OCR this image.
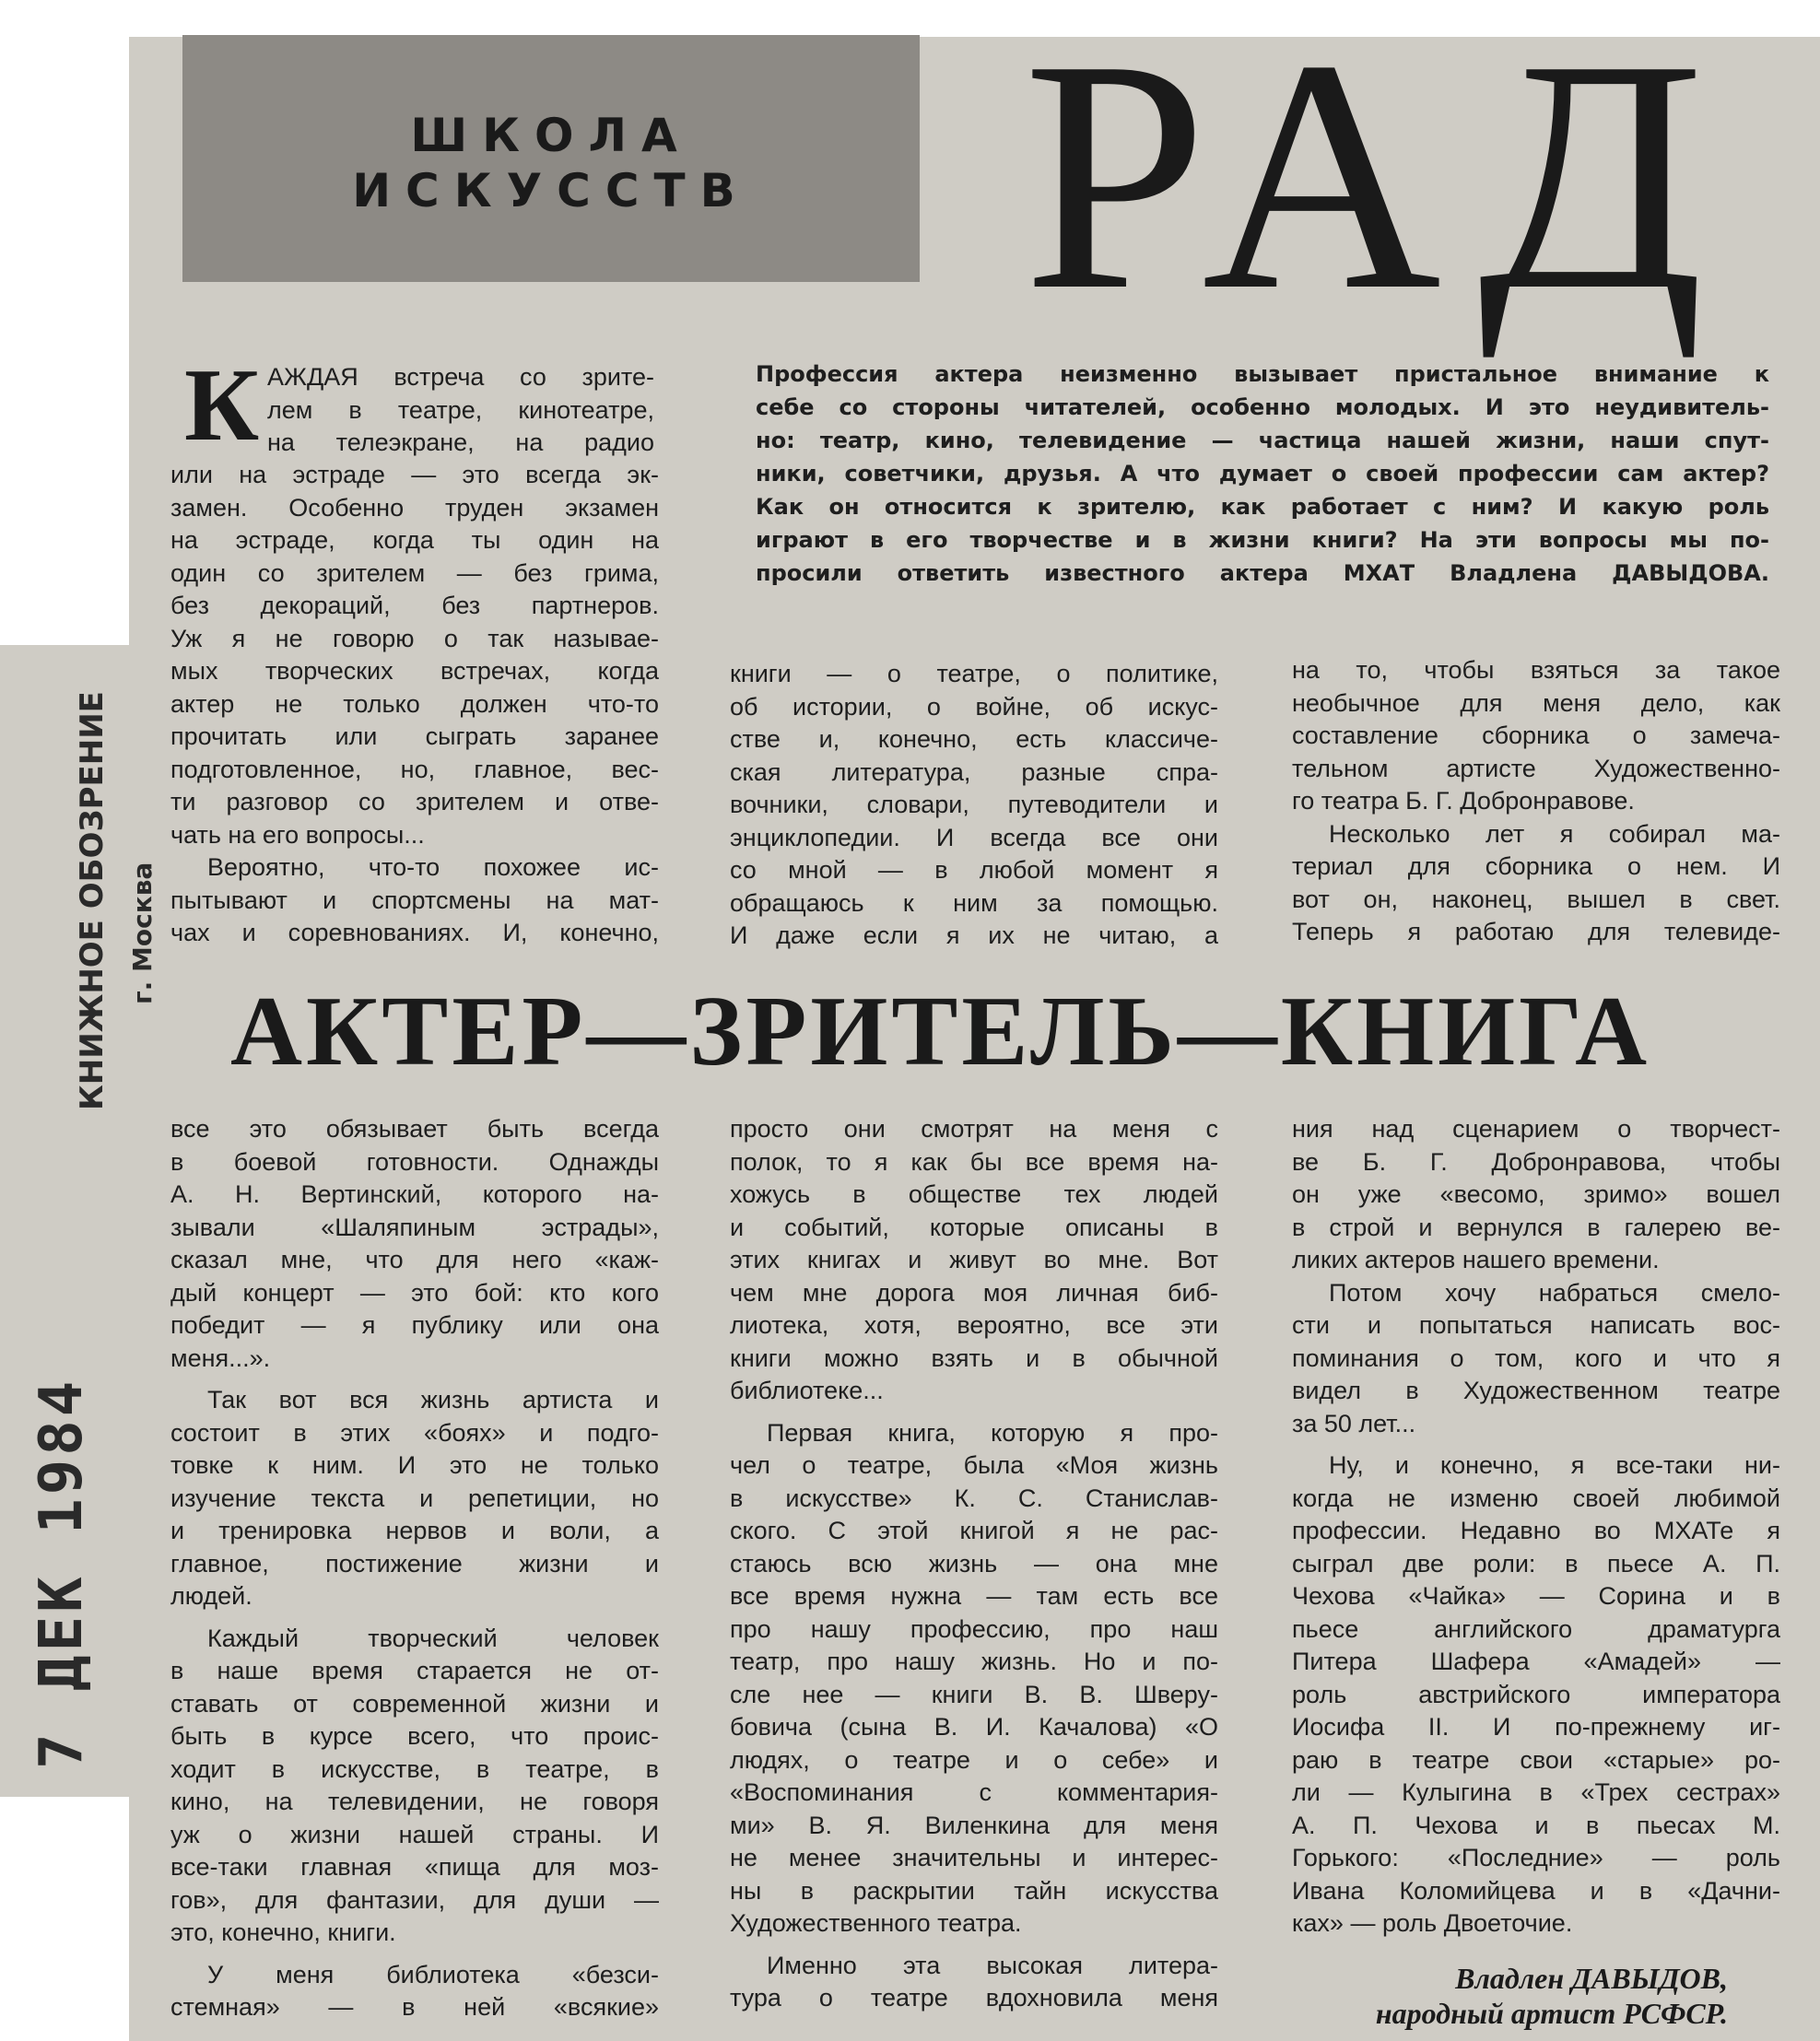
ШКОЛА
ИСКУССТВ РАД
Профессия актера неизменно вызывает пристальное внимание к
себе со стороны читателей, особенно молодых. И это неудивитель-
но: театр, кино, телевидение — частица нашей жизни, наши спут-
ники, советчики, друзья. А что думает о своей профессии сам актер?
Как он относится к зрителю, как работает с ним? И какую роль
играют в его творчестве и в жизни книги? На эти вопросы мы по-
просили ответить известного актера МХАТ Владлена ДАВЫДОВА.
К АЖДАЯ встреча со зрите-
лем в театре, кинотеатре,
на телеэкране, на радио
или на эстраде — это всегда эк-
замен. Особенно труден экзамен
на эстраде, когда ты один на
один со зрителем — без грима,
без декораций, без партнеров.
Уж я не говорю о так называе-
мых творческих встречах, когда
актер не только должен что-то
прочитать или сыграть заранее
подготовленное, но, главное, вес-
ти разговор со зрителем и отве-
чать на его вопросы...
Вероятно, что-то похожее ис-
пытывают и спортсмены на мат-
чах и соревнованиях. И, конечно,
книги — о театре, о политике,
об истории, о войне, об искус-
стве и, конечно, есть классиче-
ская литература, разные спра-
вочники, словари, путеводители и
энциклопедии. И всегда все они
со мной — в любой момент я
обращаюсь к ним за помощью.
И даже если я их не читаю, а
на то, чтобы взяться за такое
необычное для меня дело, как
составление сборника о замеча-
тельном артисте Художественно-
го театра Б. Г. Добронравове.
Несколько лет я собирал ма-
териал для сборника о нем. И
вот он, наконец, вышел в свет.
Теперь я работаю для телевиде-
АКТЕР—ЗРИТЕЛЬ—КНИГА
все это обязывает быть всегда
в боевой готовности. Однажды
А. Н. Вертинский, которого на-
зывали «Шаляпиным эстрады»,
сказал мне, что для него «каж-
дый концерт — это бой: кто кого
победит — я публику или она
меня...».
Так вот вся жизнь артиста и
состоит в этих «боях» и подго-
товке к ним. И это не только
изучение текста и репетиции, но
и тренировка нервов и воли, а
главное, постижение жизни и
людей.
Каждый творческий человек
в наше время старается не от-
ставать от современной жизни и
быть в курсе всего, что проис-
ходит в искусстве, в театре, в
кино, на телевидении, не говоря
уж о жизни нашей страны. И
все-таки главная «пища для моз-
гов», для фантазии, для души —
это, конечно, книги.
У меня библиотека «безси-
стемная» — в ней «всякие»
просто они смотрят на меня с
полок, то я как бы все время на-
хожусь в обществе тех людей
и событий, которые описаны в
этих книгах и живут во мне. Вот
чем мне дорога моя личная биб-
лиотека, хотя, вероятно, все эти
книги можно взять и в обычной
библиотеке...
Первая книга, которую я про-
чел о театре, была «Моя жизнь
в искусстве» К. С. Станислав-
ского. С этой книгой я не рас-
стаюсь всю жизнь — она мне
все время нужна — там есть все
про нашу профессию, про наш
театр, про нашу жизнь. Но и по-
сле нее — книги В. В. Шверу-
бовича (сына В. И. Качалова) «О
людях, о театре и о себе» и
«Воспоминания с комментария-
ми» В. Я. Виленкина для меня
не менее значительны и интерес-
ны в раскрытии тайн искусства
Художественного театра.
Именно эта высокая литера-
тура о театре вдохновила меня
ния над сценарием о творчест-
ве Б. Г. Добронравова, чтобы
он уже «весомо, зримо» вошел
в строй и вернулся в галерею ве-
ликих актеров нашего времени.
Потом хочу набраться смело-
сти и попытаться написать вос-
поминания о том, кого и что я
видел в Художественном театре
за 50 лет...
Ну, и конечно, я все-таки ни-
когда не изменю своей любимой
профессии. Недавно во МХАТе я
сыграл две роли: в пьесе А. П.
Чехова «Чайка» — Сорина и в
пьесе английского драматурга
Питера Шафера «Амадей» —
роль австрийского императора
Иосифа II. И по-прежнему иг-
раю в театре свои «старые» ро-
ли — Кулыгина в «Трех сестрах»
А. П. Чехова и в пьесах М.
Горького: «Последние» — роль
Ивана Коломийцева и в «Дачни-
ках» — роль Двоеточие.
Владлен ДАВЫДОВ,
народный артист РСФСР.
КНИЖНОЕ ОБОЗРЕНИЕ г. Москва
7 ДЕК 1984
